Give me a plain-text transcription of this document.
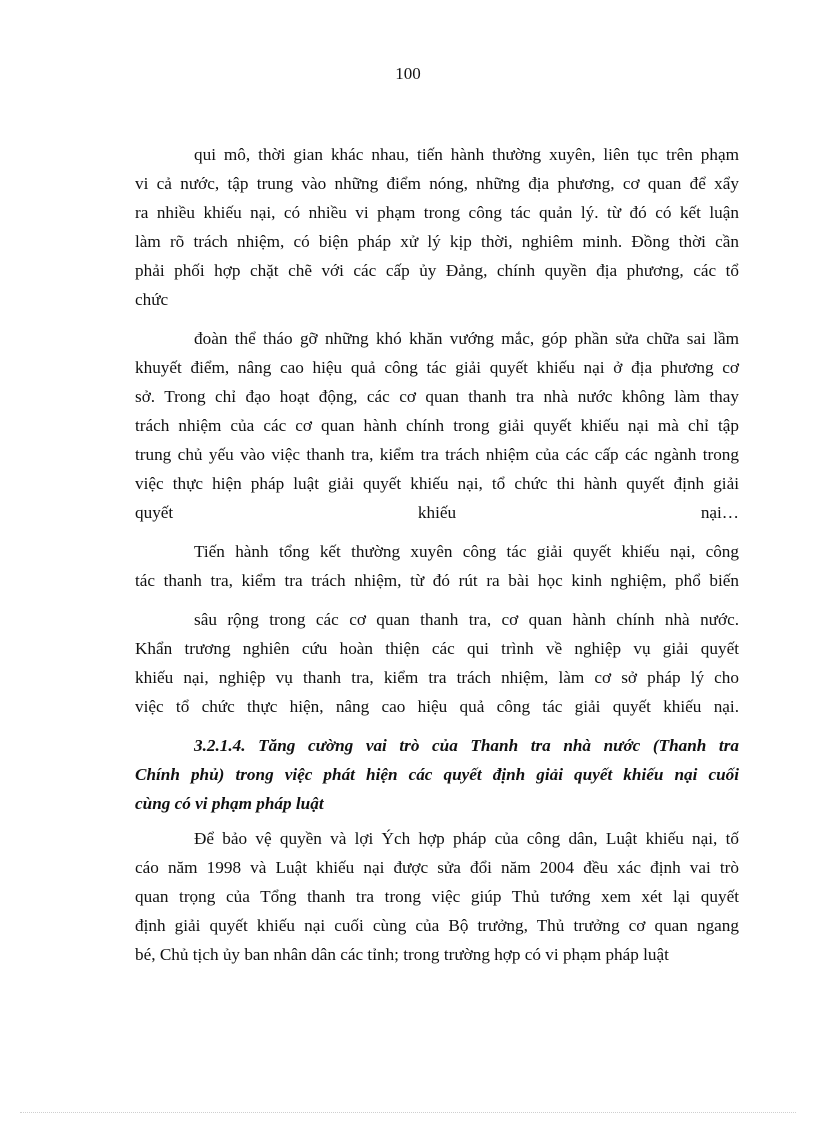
100
qui mô, thời gian khác nhau, tiến hành thường xuyên, liên tục trên phạm
vi cả nước, tập trung vào những điểm nóng, những địa phương, cơ quan để xẩy
ra nhiều khiếu nại, có nhiều vi phạm trong công tác quản lý. từ đó có kết luận
làm rõ trách nhiệm, có biện pháp xử lý kịp thời, nghiêm minh. Đồng thời cần
phải phối hợp chặt chẽ với các cấp ủy Đảng, chính quyền địa phương, các tổ
chức
đoàn thể tháo gỡ những khó khăn vướng mắc, góp phần sửa chữa sai lầm
khuyết điểm, nâng cao hiệu quả công tác giải quyết khiếu nại ở địa phương cơ
sở. Trong chỉ đạo hoạt động, các cơ quan thanh tra nhà nước không làm thay
trách nhiệm của các cơ quan hành chính trong giải quyết khiếu nại mà chỉ tập
trung chủ yếu vào việc thanh tra, kiểm tra trách nhiệm của các cấp các ngành trong
việc thực hiện pháp luật giải quyết khiếu nại, tổ chức thi hành quyết định giải
quyết	khiếu	nại…
Tiến hành tổng kết thường xuyên công tác giải quyết khiếu nại, công
tác thanh tra, kiểm tra trách nhiệm, từ đó rút ra bài học kinh nghiệm, phổ biến
sâu rộng trong các cơ quan thanh tra, cơ quan hành chính nhà nước.
Khẩn trương nghiên cứu hoàn thiện các qui trình về nghiệp vụ giải quyết
khiếu nại, nghiệp vụ thanh tra, kiểm tra trách nhiệm, làm cơ sở pháp lý cho
việc tổ chức thực hiện, nâng cao hiệu quả công tác giải quyết khiếu nại.
3.2.1.4. Tăng cường vai trò của Thanh tra nhà nước (Thanh tra
Chính phủ) trong việc phát hiện các quyết định giải quyết khiếu nại cuối
cùng có vi phạm pháp luật
Để bảo vệ quyền và lợi Ých hợp pháp của công dân, Luật khiếu nại, tố
cáo năm 1998 và Luật khiếu nại được sửa đổi năm 2004 đều xác định vai trò
quan trọng của Tổng thanh tra trong việc giúp Thủ tướng xem xét lại quyết
định giải quyết khiếu nại cuối cùng của Bộ trưởng, Thủ trưởng cơ quan ngang
bé, Chủ tịch ủy ban nhân dân các tỉnh; trong trường hợp có vi phạm pháp luật
